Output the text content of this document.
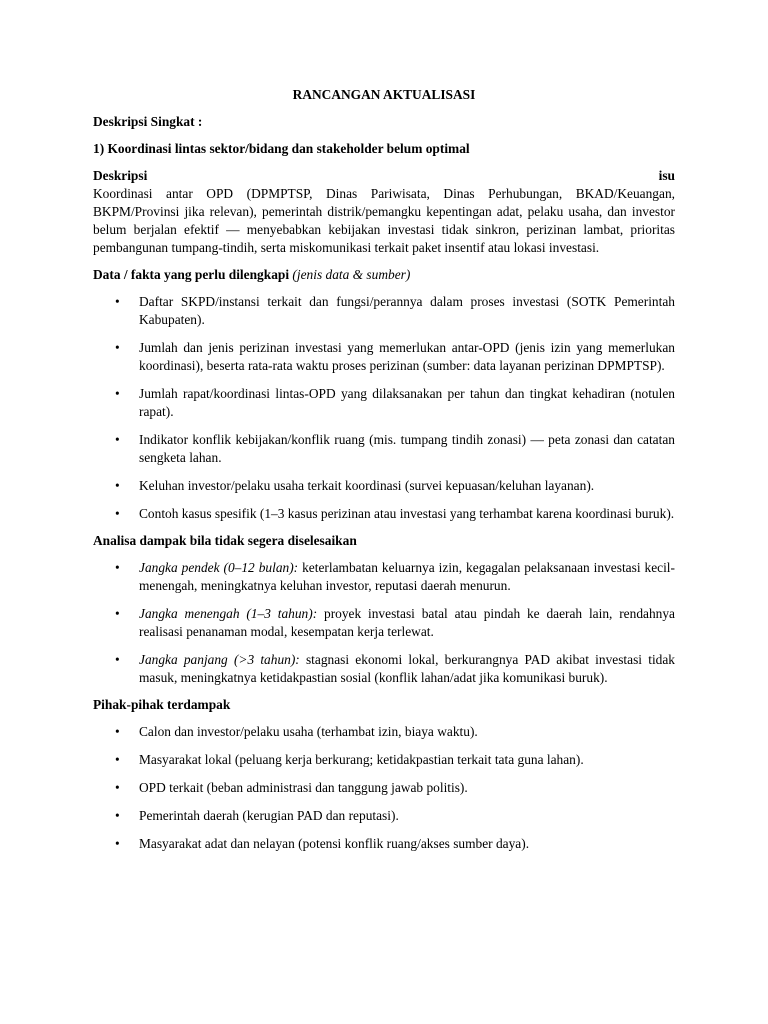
RANCANGAN AKTUALISASI
Deskripsi Singkat :
1) Koordinasi lintas sektor/bidang dan stakeholder belum optimal
Deskripsi	isu
Koordinasi antar OPD (DPMPTSP, Dinas Pariwisata, Dinas Perhubungan, BKAD/Keuangan, BKPM/Provinsi jika relevan), pemerintah distrik/pemangku kepentingan adat, pelaku usaha, dan investor belum berjalan efektif — menyebabkan kebijakan investasi tidak sinkron, perizinan lambat, prioritas pembangunan tumpang-tindih, serta miskomunikasi terkait paket insentif atau lokasi investasi.
Data / fakta yang perlu dilengkapi (jenis data & sumber)
• Daftar SKPD/instansi terkait dan fungsi/perannya dalam proses investasi (SOTK Pemerintah Kabupaten).
• Jumlah dan jenis perizinan investasi yang memerlukan antar-OPD (jenis izin yang memerlukan koordinasi), beserta rata-rata waktu proses perizinan (sumber: data layanan perizinan DPMPTSP).
• Jumlah rapat/koordinasi lintas-OPD yang dilaksanakan per tahun dan tingkat kehadiran (notulen rapat).
• Indikator konflik kebijakan/konflik ruang (mis. tumpang tindih zonasi) — peta zonasi dan catatan sengketa lahan.
• Keluhan investor/pelaku usaha terkait koordinasi (survei kepuasan/keluhan layanan).
• Contoh kasus spesifik (1–3 kasus perizinan atau investasi yang terhambat karena koordinasi buruk).
Analisa dampak bila tidak segera diselesaikan
• Jangka pendek (0–12 bulan): keterlambatan keluarnya izin, kegagalan pelaksanaan investasi kecil-menengah, meningkatnya keluhan investor, reputasi daerah menurun.
• Jangka menengah (1–3 tahun): proyek investasi batal atau pindah ke daerah lain, rendahnya realisasi penanaman modal, kesempatan kerja terlewat.
• Jangka panjang (>3 tahun): stagnasi ekonomi lokal, berkurangnya PAD akibat investasi tidak masuk, meningkatnya ketidakpastian sosial (konflik lahan/adat jika komunikasi buruk).
Pihak-pihak terdampak
• Calon dan investor/pelaku usaha (terhambat izin, biaya waktu).
• Masyarakat lokal (peluang kerja berkurang; ketidakpastian terkait tata guna lahan).
• OPD terkait (beban administrasi dan tanggung jawab politis).
• Pemerintah daerah (kerugian PAD dan reputasi).
• Masyarakat adat dan nelayan (potensi konflik ruang/akses sumber daya).
